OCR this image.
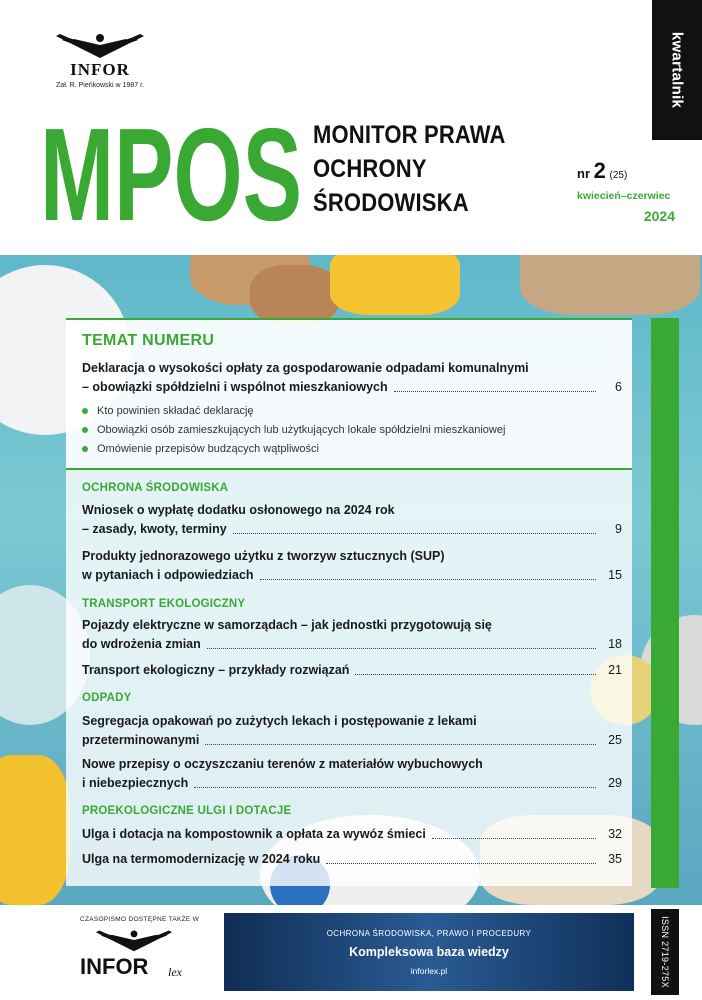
INFOR
Zał. R. Pieńkowski w 1987 r.	kwartalnik
MPOS MONITOR PRAWA
OCHRONY
ŚRODOWISKA
nr 2 (25)
kwiecień–czerwiec
2024
TEMAT NUMERU
Deklaracja o wysokości opłaty za gospodarowanie odpadami komunalnymi
– obowiązki spółdzielni i wspólnot mieszkaniowych	6
Kto powinien składać deklarację
Obowiązki osób zamieszkujących lub użytkujących lokale spółdzielni mieszkaniowej
Omówienie przepisów budzących wątpliwości
OCHRONA ŚRODOWISKA
Wniosek o wypłatę dodatku osłonowego na 2024 rok
– zasady, kwoty, terminy	9
Produkty jednorazowego użytku z tworzyw sztucznych (SUP)
w pytaniach i odpowiedziach	15
TRANSPORT EKOLOGICZNY
Pojazdy elektryczne w samorządach – jak jednostki przygotowują się
do wdrożenia zmian	18
Transport ekologiczny – przykłady rozwiązań	21
ODPADY
Segregacja opakowań po zużytych lekach i postępowanie z lekami
przeterminowanymi	25
Nowe przepisy o oczyszczaniu terenów z materiałów wybuchowych
i niebezpiecznych	29
PROEKOLOGICZNE ULGI I DOTACJE
Ulga i dotacja na kompostownik a opłata za wywóz śmieci	32
Ulga na termomodernizację w 2024 roku	35
CZASOPISMO DOSTĘPNE TAKŻE W
INFOR lex
OCHRONA ŚRODOWISKA, PRAWO I PROCEDURY
Kompleksowa baza wiedzy
inforlex.pl	ISSN 2719-275X
